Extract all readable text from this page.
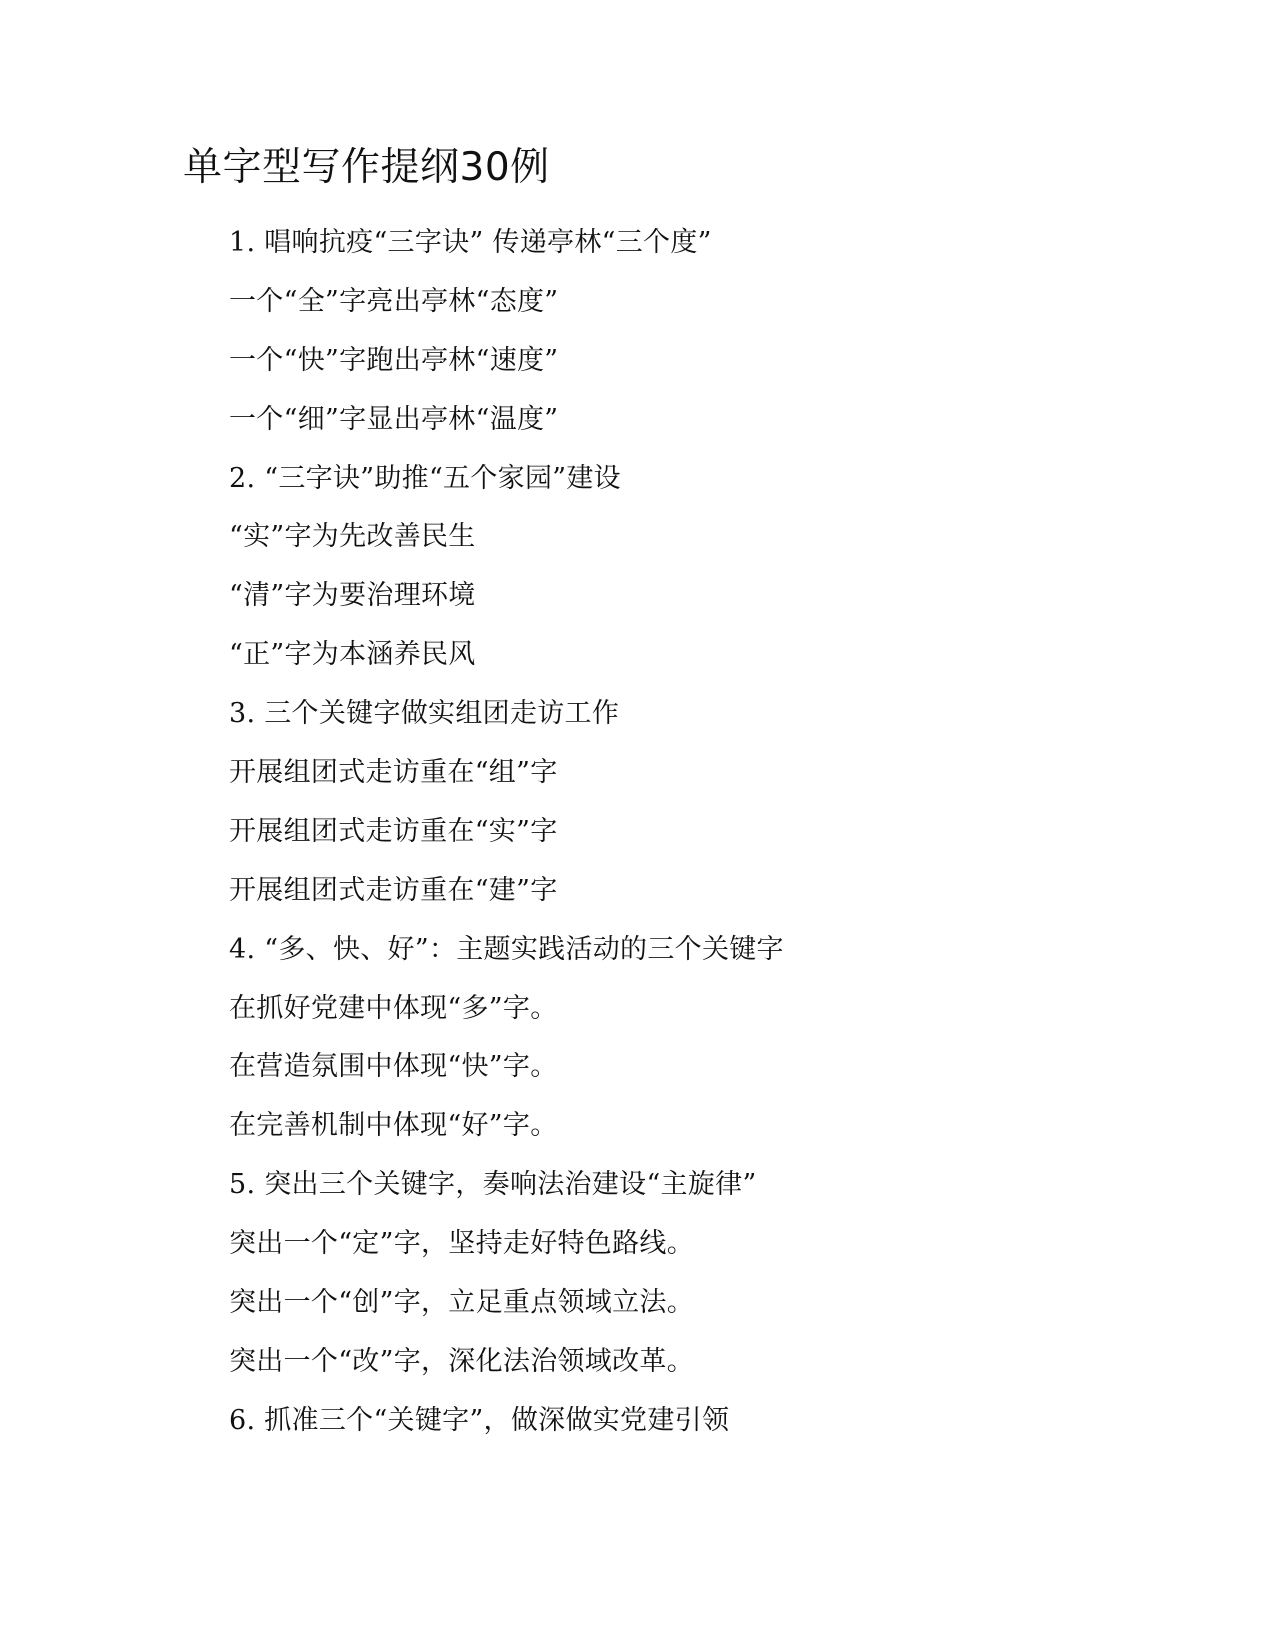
单字型写作提纲30例
1. 唱响抗疫“三字诀” 传递亭林“三个度”
一个“全”字亮出亭林“态度”
一个“快”字跑出亭林“速度”
一个“细”字显出亭林“温度”
2. “三字诀”助推“五个家园”建设
“实”字为先改善民生
“清”字为要治理环境
“正”字为本涵养民风
3. 三个关键字做实组团走访工作
开展组团式走访重在“组”字
开展组团式走访重在“实”字
开展组团式走访重在“建”字
4. “多、快、好”：主题实践活动的三个关键字
在抓好党建中体现“多”字。
在营造氛围中体现“快”字。
在完善机制中体现“好”字。
5. 突出三个关键字，奏响法治建设“主旋律”
突出一个“定”字，坚持走好特色路线。
突出一个“创”字，立足重点领域立法。
突出一个“改”字，深化法治领域改革。
6. 抓准三个“关键字”，做深做实党建引领
